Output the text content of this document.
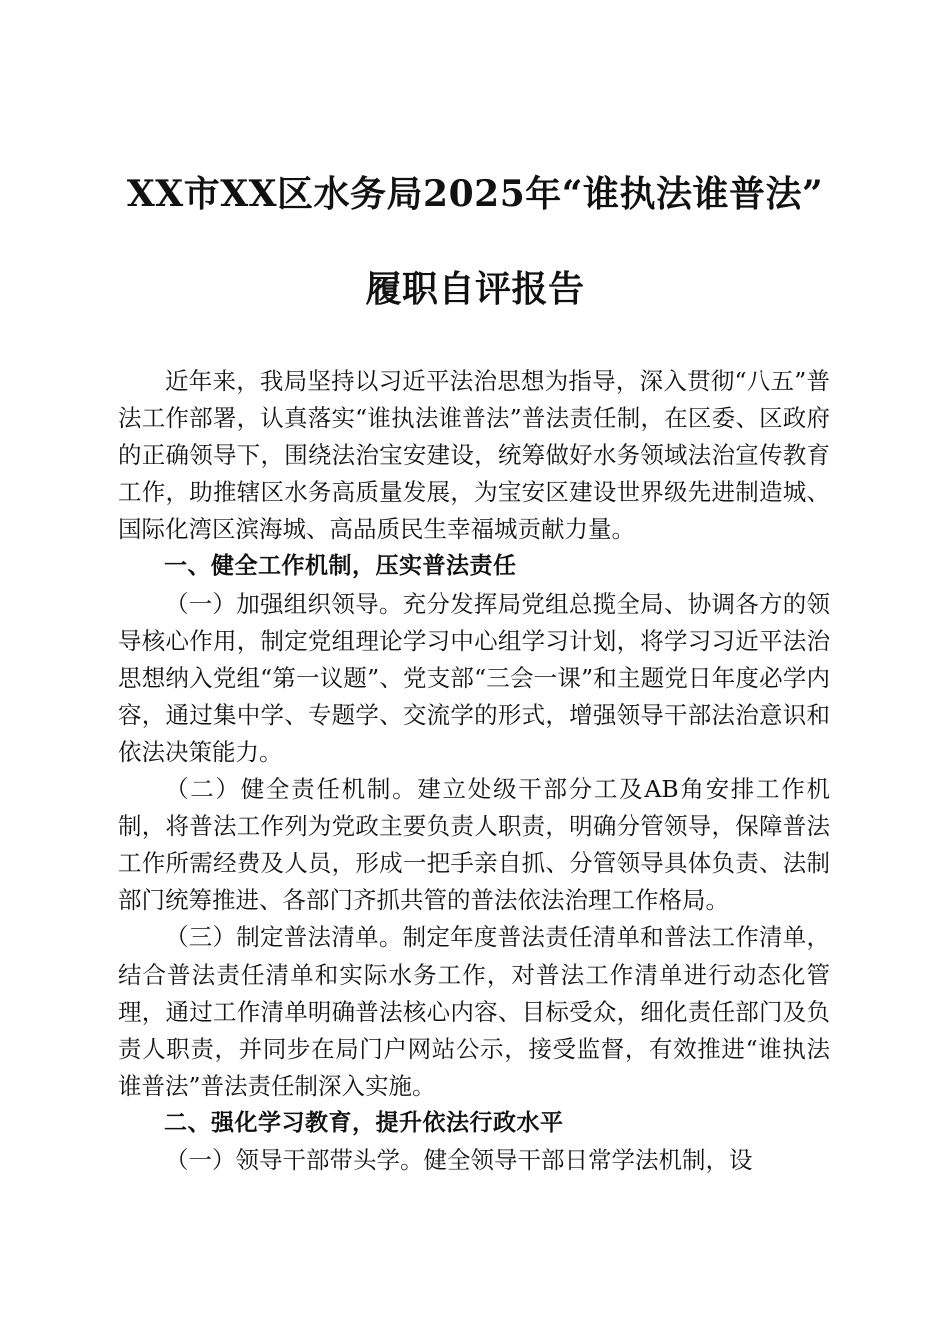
XX市XX区水务局2025年“谁执法谁普法”
履职自评报告

近年来，我局坚持以习近平法治思想为指导，深入贯彻“八五”普法工作部署，认真落实“谁执法谁普法”普法责任制，在区委、区政府的正确领导下，围绕法治宝安建设，统筹做好水务领域法治宣传教育工作，助推辖区水务高质量发展，为宝安区建设世界级先进制造城、国际化湾区滨海城、高品质民生幸福城贡献力量。

一、健全工作机制，压实普法责任

（一）加强组织领导。充分发挥局党组总揽全局、协调各方的领导核心作用，制定党组理论学习中心组学习计划，将学习习近平法治思想纳入党组“第一议题”、党支部“三会一课”和主题党日年度必学内容，通过集中学、专题学、交流学的形式，增强领导干部法治意识和依法决策能力。

（二）健全责任机制。建立处级干部分工及AB角安排工作机制，将普法工作列为党政主要负责人职责，明确分管领导，保障普法工作所需经费及人员，形成一把手亲自抓、分管领导具体负责、法制部门统筹推进、各部门齐抓共管的普法依法治理工作格局。

（三）制定普法清单。制定年度普法责任清单和普法工作清单，结合普法责任清单和实际水务工作，对普法工作清单进行动态化管理，通过工作清单明确普法核心内容、目标受众，细化责任部门及负责人职责，并同步在局门户网站公示，接受监督，有效推进“谁执法谁普法”普法责任制深入实施。

二、强化学习教育，提升依法行政水平

（一）领导干部带头学。健全领导干部日常学法机制，设
